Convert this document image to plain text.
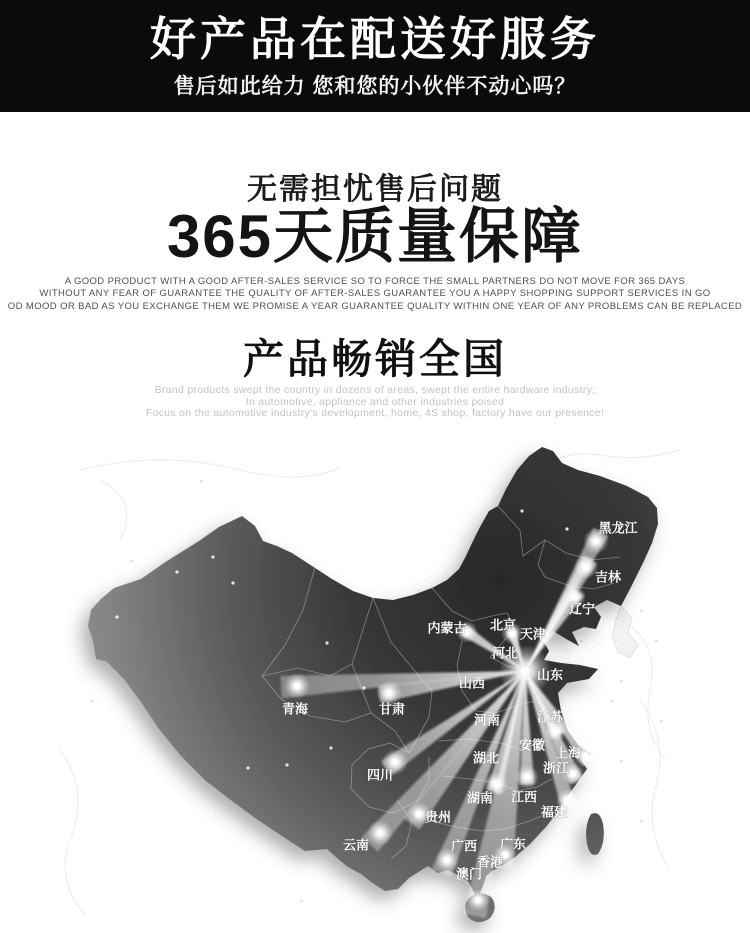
好产品在配送好服务

售后如此给力 您和您的小伙伴不动心吗？

无需担忧售后问题

365天质量保障
A GOOD PRODUCT WITH A GOOD AFTER-SALES SERVICE SO TO FORCE THE SMALL PARTNERS DO NOT MOVE FOR 365 DAYS
WITHOUT ANY FEAR OF GUARANTEE THE QUALITY OF AFTER-SALES GUARANTEE YOU A HAPPY SHOPPING SUPPORT SERVICES IN GO
OD MOOD OR BAD AS YOU EXCHANGE THEM WE PROMISE A YEAR GUARANTEE QUALITY WITHIN ONE YEAR OF ANY PROBLEMS CAN BE REPLACED
产品畅销全国
Brand products swept the country in dozens of areas, swept the entire hardware industry;
In automotive, appliance and other industries poised
Focus on the automotive industry's development, home, 4S shop, factory have our presence!
黑龙江
吉林
辽宁
内蒙古 北京
天津
河北
山西
山东
青海	甘肃
河南	江苏
安徽
上海
湖北
浙江
四川
湖南 江西
福建
贵州
云南	广西 广东
香港
澳门
